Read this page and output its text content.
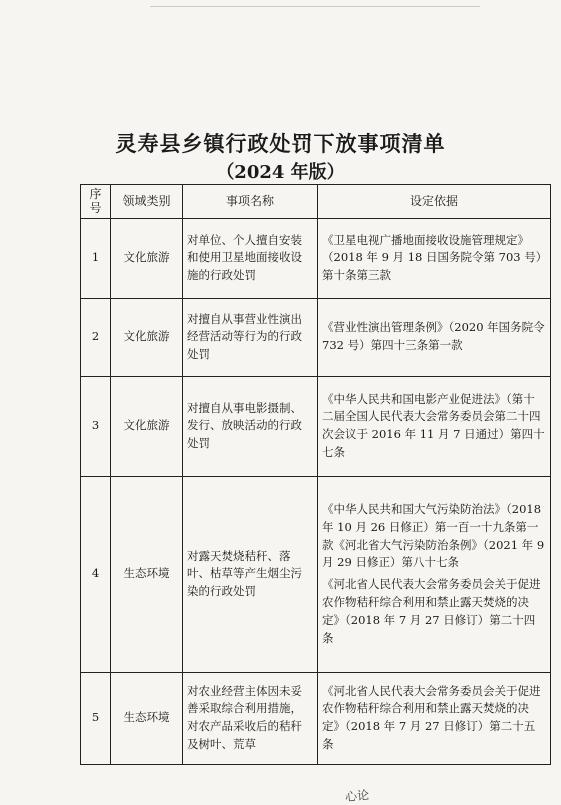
灵寿县乡镇行政处罚下放事项清单
（2024 年版）
序号	领域类别	事项名称	设定依据
1	文化旅游	对单位、个人擅自安装和使用卫星地面接收设施的行政处罚	《卫星电视广播地面接收设施管理规定》（2018 年 9 月 18 日国务院令第 703 号）第十条第三款

2	文化旅游	对擅自从事营业性演出经营活动等行为的行政处罚	《营业性演出管理条例》（2020 年国务院令 732 号）第四十三条第一款

3	文化旅游	对擅自从事电影摄制、发行、放映活动的行政处罚	《中华人民共和国电影产业促进法》（第十二届全国人民代表大会常务委员会第二十四次会议于 2016 年 11 月 7 日通过）第四十七条

4	生态环境	对露天焚烧秸秆、落叶、枯草等产生烟尘污染的行政处罚	《中华人民共和国大气污染防治法》（2018 年 10 月 26 日修正）第一百一十九条第一款《河北省大气污染防治条例》（2021 年 9 月 29 日修正）第八十七条
《河北省人民代表大会常务委员会关于促进农作物秸秆综合利用和禁止露天焚烧的决定》（2018 年 7 月 27 日修订）第二十四条

5	生态环境	对农业经营主体因未妥善采取综合利用措施，对农产品采收后的秸秆及树叶、荒草	《河北省人民代表大会常务委员会关于促进农作物秸秆综合利用和禁止露天焚烧的决定》（2018 年 7 月 27 日修订）第二十五条
心论
